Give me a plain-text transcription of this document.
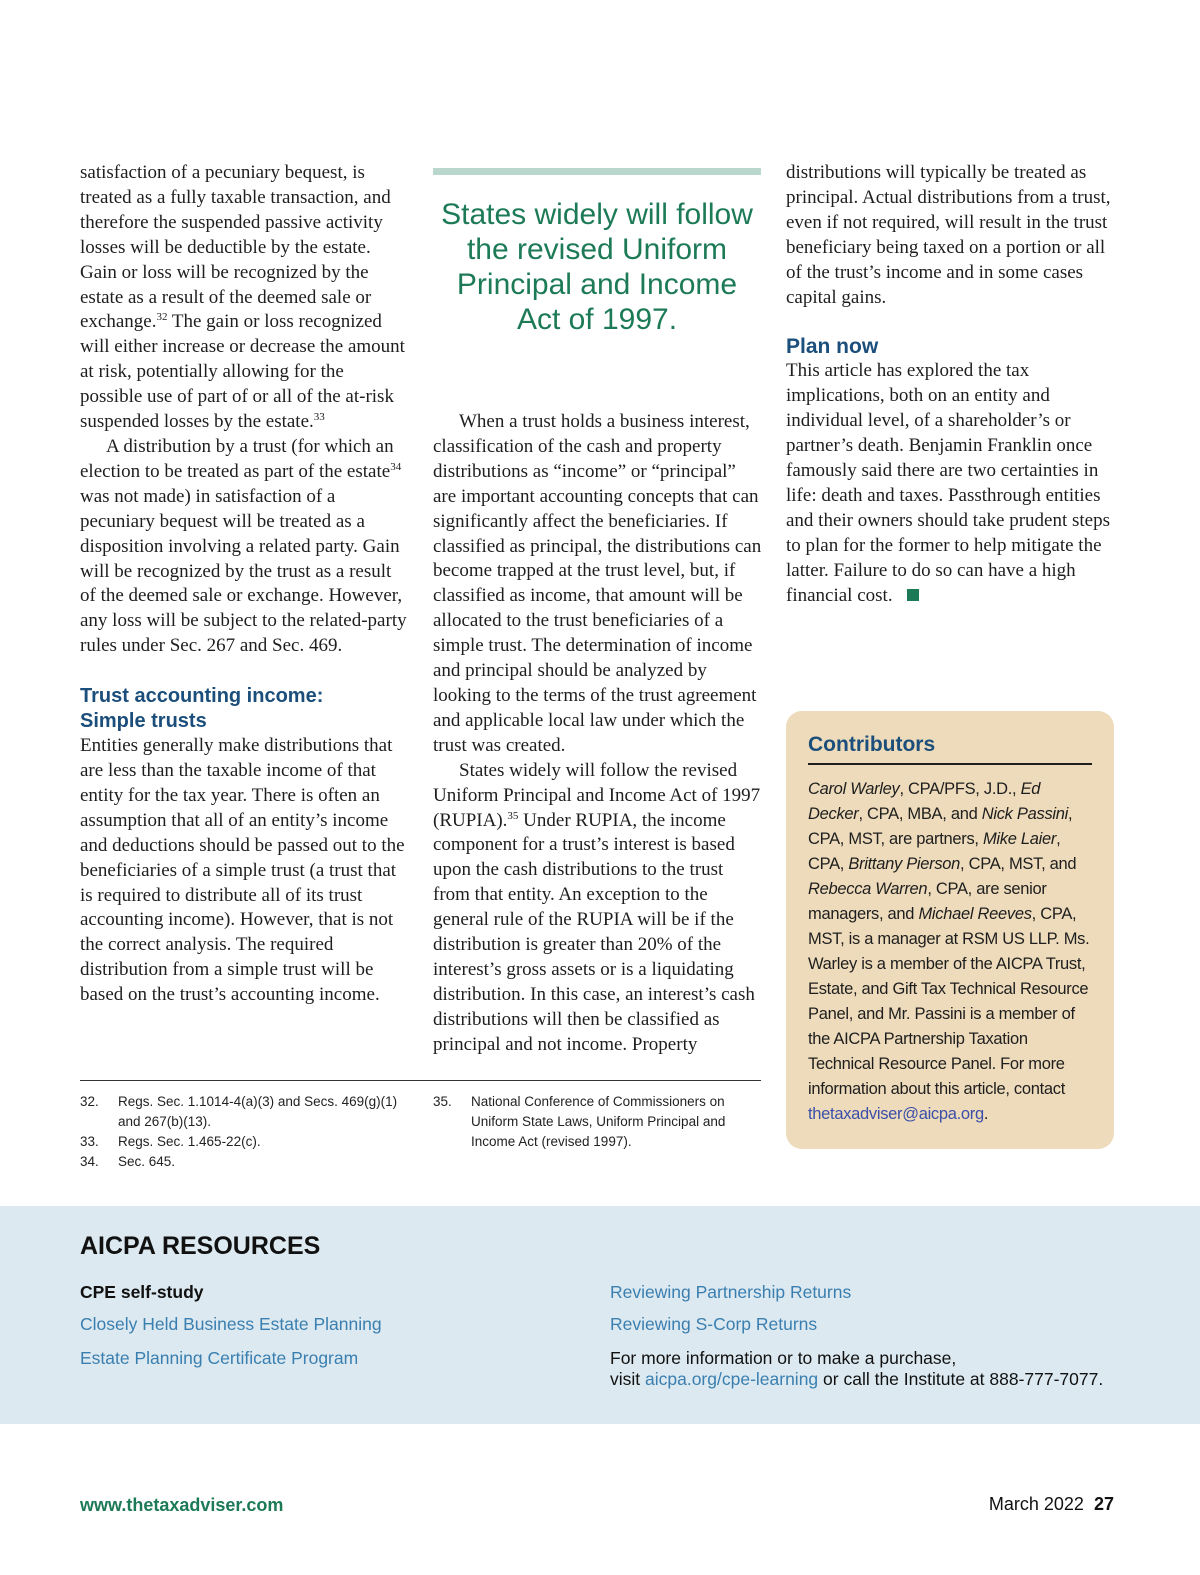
satisfaction of a pecuniary bequest, is treated as a fully taxable transaction, and therefore the suspended passive activity losses will be deductible by the estate. Gain or loss will be recognized by the estate as a result of the deemed sale or exchange.$^{32}$ The gain or loss recognized will either increase or decrease the amount at risk, potentially allowing for the possible use of part of or all of the at-risk suspended losses by the estate.$^{33}$

A distribution by a trust (for which an election to be treated as part of the estate$^{34}$ was not made) in satisfaction of a pecuniary bequest will be treated as a disposition involving a related party. Gain will be recognized by the trust as a result of the deemed sale or exchange. However, any loss will be subject to the related-party rules under Sec. 267 and Sec. 469.

Trust accounting income:
Simple trusts

Entities generally make distributions that are less than the taxable income of that entity for the tax year. There is often an assumption that all of an entity’s income and deductions should be passed out to the beneficiaries of a simple trust (a trust that is required to distribute all of its trust accounting income). However, that is not the correct analysis. The required distribution from a simple trust will be based on the trust’s accounting income.

States widely will follow the revised Uniform Principal and Income Act of 1997.

When a trust holds a business interest, classification of the cash and property distributions as “income” or “principal” are important accounting concepts that can significantly affect the beneficiaries. If classified as principal, the distributions can become trapped at the trust level, but, if classified as income, that amount will be allocated to the trust beneficiaries of a simple trust. The determination of income and principal should be analyzed by looking to the terms of the trust agreement and applicable local law under which the trust was created.

States widely will follow the revised Uniform Principal and Income Act of 1997 (RUPIA).$^{35}$ Under RUPIA, the income component for a trust’s interest is based upon the cash distributions to the trust from that entity. An exception to the general rule of the RUPIA will be if the distribution is greater than 20% of the interest’s gross assets or is a liquidating distribution. In this case, an interest’s cash distributions will then be classified as principal and not income. Property

distributions will typically be treated as principal. Actual distributions from a trust, even if not required, will result in the trust beneficiary being taxed on a portion or all of the trust’s income and in some cases capital gains.

Plan now

This article has explored the tax implications, both on an entity and individual level, of a shareholder’s or partner’s death. Benjamin Franklin once famously said there are two certainties in life: death and taxes. Passthrough entities and their owners should take prudent steps to plan for the former to help mitigate the latter. Failure to do so can have a high financial cost.

32.	Regs. Sec. 1.1014-4(a)(3) and Secs. 469(g)(1) and 267(b)(13).
33.	Regs. Sec. 1.465-22(c).
34.	Sec. 645.
35.	National Conference of Commissioners on Uniform State Laws, Uniform Principal and Income Act (revised 1997).
Contributors
Carol Warley, CPA/PFS, J.D., Ed Decker, CPA, MBA, and Nick Passini, CPA, MST, are partners, Mike Laier, CPA, Brittany Pierson, CPA, MST, and Rebecca Warren, CPA, are senior managers, and Michael Reeves, CPA, MST, is a manager at RSM US LLP. Ms. Warley is a member of the AICPA Trust, Estate, and Gift Tax Technical Resource Panel, and Mr. Passini is a member of the AICPA Partnership Taxation Technical Resource Panel. For more information about this article, contact thetaxadviser@aicpa.org.
AICPA RESOURCES
CPE self-study
Closely Held Business Estate Planning
Estate Planning Certificate Program
Reviewing Partnership Returns
Reviewing S-Corp Returns
For more information or to make a purchase,
visit aicpa.org/cpe-learning or call the Institute at 888-777-7077.
www.thetaxadviser.com	March 2022 27
